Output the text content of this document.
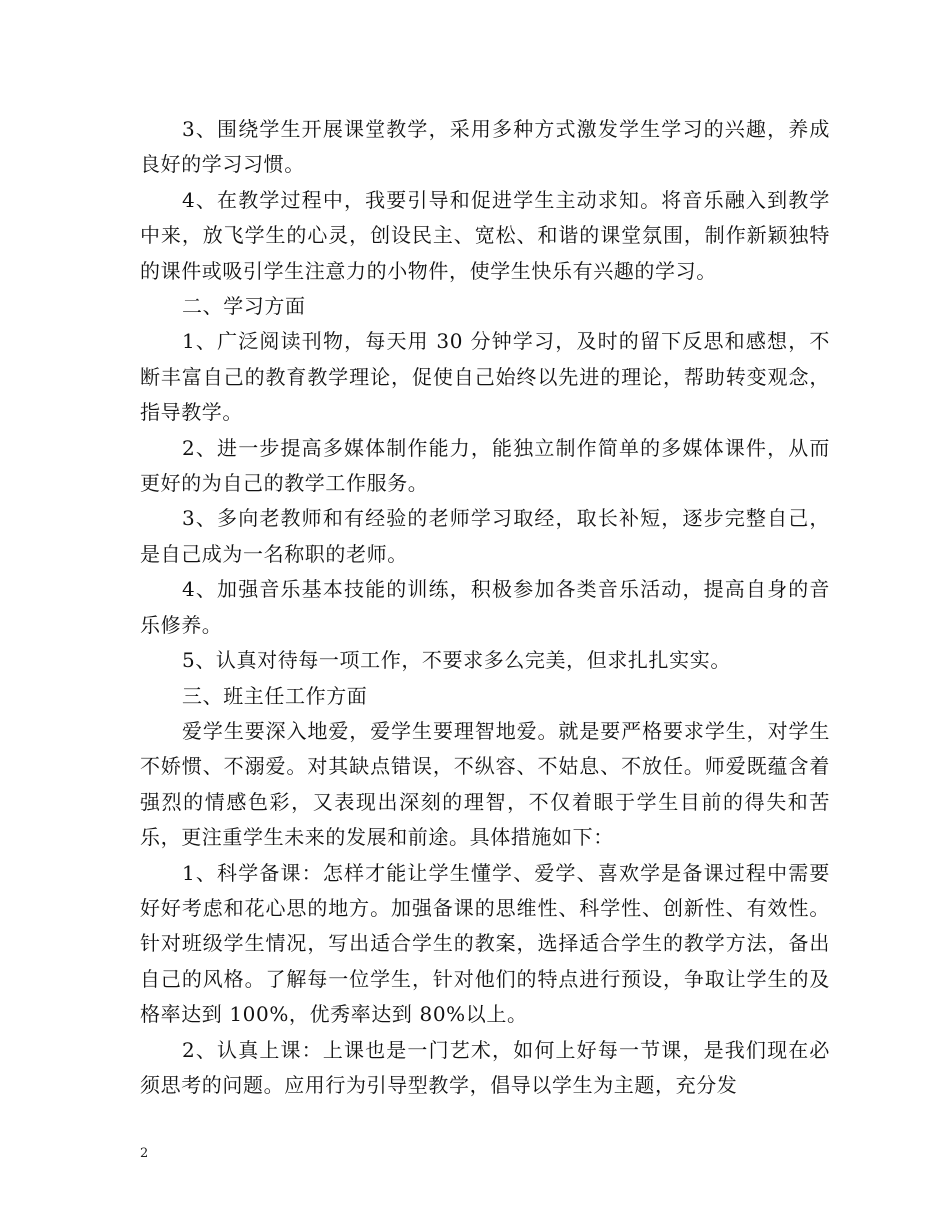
3、围绕学生开展课堂教学，采用多种方式激发学生学习的兴趣，养成良好的学习习惯。

4、在教学过程中，我要引导和促进学生主动求知。将音乐融入到教学中来，放飞学生的心灵，创设民主、宽松、和谐的课堂氛围，制作新颖独特的课件或吸引学生注意力的小物件，使学生快乐有兴趣的学习。

二、学习方面

1、广泛阅读刊物，每天用 30 分钟学习，及时的留下反思和感想，不断丰富自己的教育教学理论，促使自己始终以先进的理论，帮助转变观念，指导教学。

2、进一步提高多媒体制作能力，能独立制作简单的多媒体课件，从而更好的为自己的教学工作服务。

3、多向老教师和有经验的老师学习取经，取长补短，逐步完整自己，是自己成为一名称职的老师。

4、加强音乐基本技能的训练，积极参加各类音乐活动，提高自身的音乐修养。

5、认真对待每一项工作，不要求多么完美，但求扎扎实实。

三、班主任工作方面

爱学生要深入地爱，爱学生要理智地爱。就是要严格要求学生，对学生不娇惯、不溺爱。对其缺点错误，不纵容、不姑息、不放任。师爱既蕴含着强烈的情感色彩，又表现出深刻的理智，不仅着眼于学生目前的得失和苦乐，更注重学生未来的发展和前途。具体措施如下：

1、科学备课：怎样才能让学生懂学、爱学、喜欢学是备课过程中需要好好考虑和花心思的地方。加强备课的思维性、科学性、创新性、有效性。针对班级学生情况，写出适合学生的教案，选择适合学生的教学方法，备出自己的风格。了解每一位学生，针对他们的特点进行预设，争取让学生的及格率达到 100%，优秀率达到 80%以上。

2、认真上课：上课也是一门艺术，如何上好每一节课，是我们现在必须思考的问题。应用行为引导型教学，倡导以学生为主题，充分发

2
